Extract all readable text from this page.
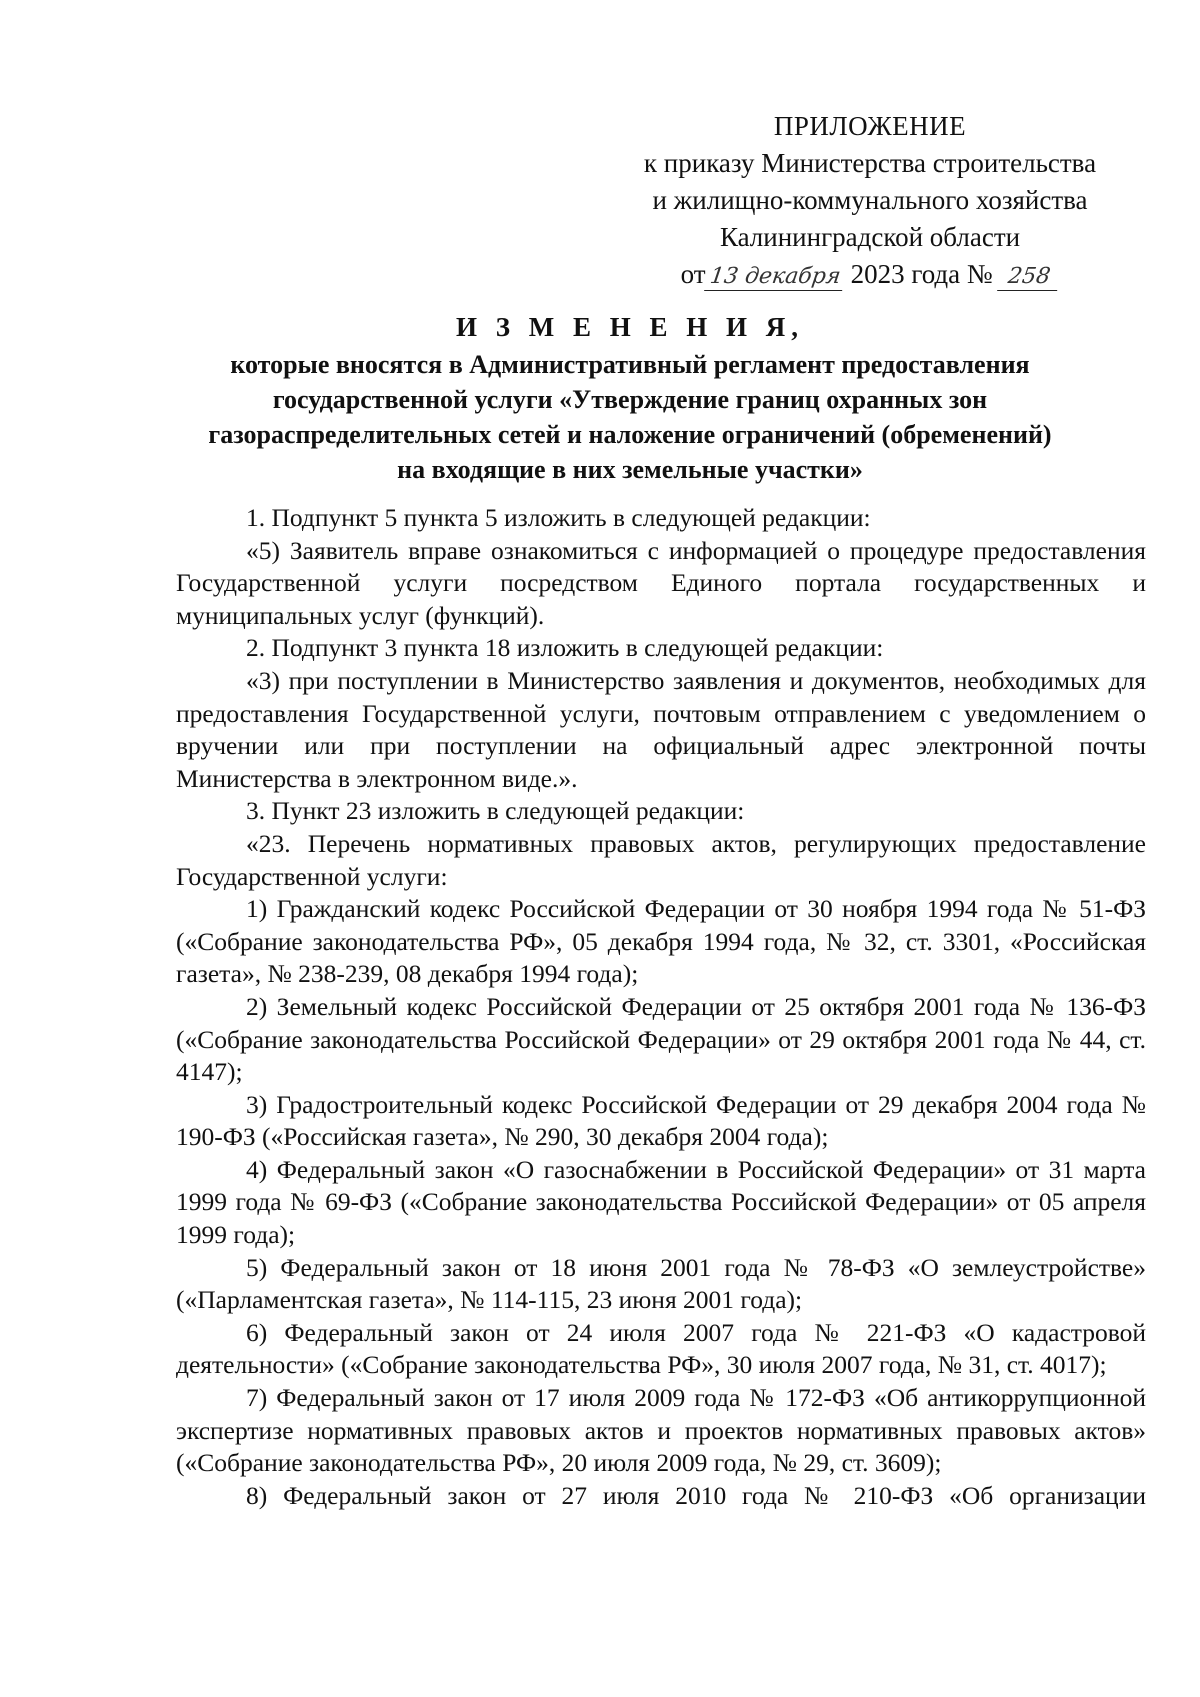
ПРИЛОЖЕНИЕ
к приказу Министерства строительства
и жилищно-коммунального хозяйства
Калининградской области
от 13 декабря 2023 года № 258
И З М Е Н Е Н И Я,
которые вносятся в Административный регламент предоставления
государственной услуги «Утверждение границ охранных зон
газораспределительных сетей и наложение ограничений (обременений)
на входящие в них земельные участки»

1. Подпункт 5 пункта 5 изложить в следующей редакции:

«5) Заявитель вправе ознакомиться с информацией о процедуре предоставления Государственной услуги посредством Единого портала государственных и муниципальных услуг (функций).

2. Подпункт 3 пункта 18 изложить в следующей редакции:

«3) при поступлении в Министерство заявления и документов, необходимых для предоставления Государственной услуги, почтовым отправлением с уведомлением о вручении или при поступлении на официальный адрес электронной почты Министерства в электронном виде.».

3. Пункт 23 изложить в следующей редакции:

«23. Перечень нормативных правовых актов, регулирующих предоставление Государственной услуги:

1) Гражданский кодекс Российской Федерации от 30 ноября 1994 года № 51-ФЗ («Собрание законодательства РФ», 05 декабря 1994 года, № 32, ст. 3301, «Российская газета», № 238-239, 08 декабря 1994 года);

2) Земельный кодекс Российской Федерации от 25 октября 2001 года № 136-ФЗ («Собрание законодательства Российской Федерации» от 29 октября 2001 года № 44, ст. 4147);

3) Градостроительный кодекс Российской Федерации от 29 декабря 2004 года № 190-ФЗ («Российская газета», № 290, 30 декабря 2004 года);

4) Федеральный закон «О газоснабжении в Российской Федерации» от 31 марта 1999 года № 69-ФЗ («Собрание законодательства Российской Федерации» от 05 апреля 1999 года);

5) Федеральный закон от 18 июня 2001 года № 78-ФЗ «О землеустройстве» («Парламентская газета», № 114-115, 23 июня 2001 года);

6) Федеральный закон от 24 июля 2007 года № 221-ФЗ «О кадастровой деятельности» («Собрание законодательства РФ», 30 июля 2007 года, № 31, ст. 4017);

7) Федеральный закон от 17 июля 2009 года № 172-ФЗ «Об антикоррупционной экспертизе нормативных правовых актов и проектов нормативных правовых актов» («Собрание законодательства РФ», 20 июля 2009 года, № 29, ст. 3609);

8) Федеральный закон от 27 июля 2010 года № 210-ФЗ «Об организации
